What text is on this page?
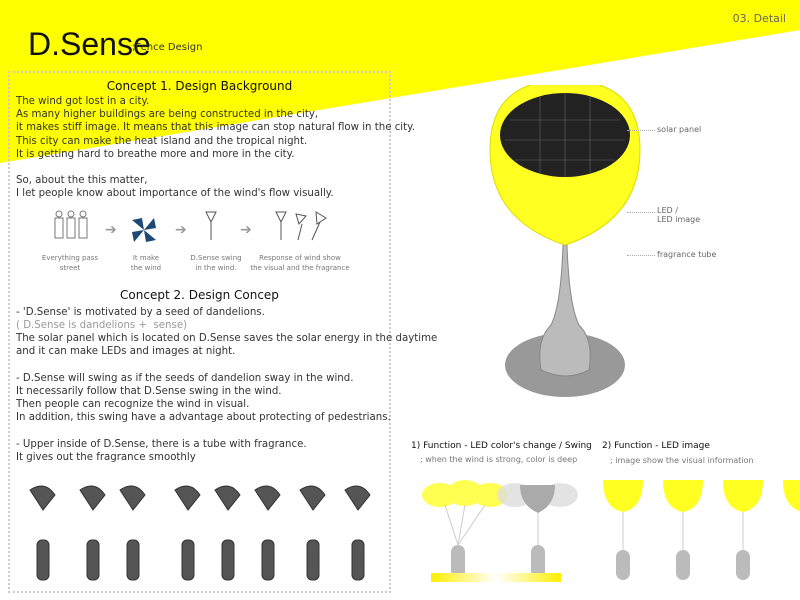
D.Sense
;Fence Design
03. Detail
Concept 1. Design Background
The wind got lost in a city.
As many higher buildings are being constructed in the city,
it makes stiff image. It means that this image can stop natural flow in the city.
This city can make the heat island and the tropical night.
It is getting hard to breathe more and more in the city.

So, about the this matter,
I let people know about importance of the wind's flow visually.
➔	➔	➔
Everything pass
street
It make
the wind
D.Sense swing
in the wind.
Response of wind show
the visual and the fragrance
Concept 2. Design Concep
- 'D.Sense' is motivated by a seed of dandelions.
( D.Sense is dandelions +  sense)
The solar panel which is located on D.Sense saves the solar energy in the daytime
and it can make LEDs and images at night.

- D.Sense will swing as if the seeds of dandelion sway in the wind.
It necessarily follow that D.Sense swing in the wind.
Then people can recognize the wind in visual.
In addition, this swing have a advantage about protecting of pedestrians.

- Upper inside of D.Sense, there is a tube with fragrance.
It gives out the fragrance smoothly
solar panel
LED /
LED image
fragrance tube
1) Function - LED color's change / Swing
; when the wind is strong, color is deep
2) Function - LED image
; image show the visual information
